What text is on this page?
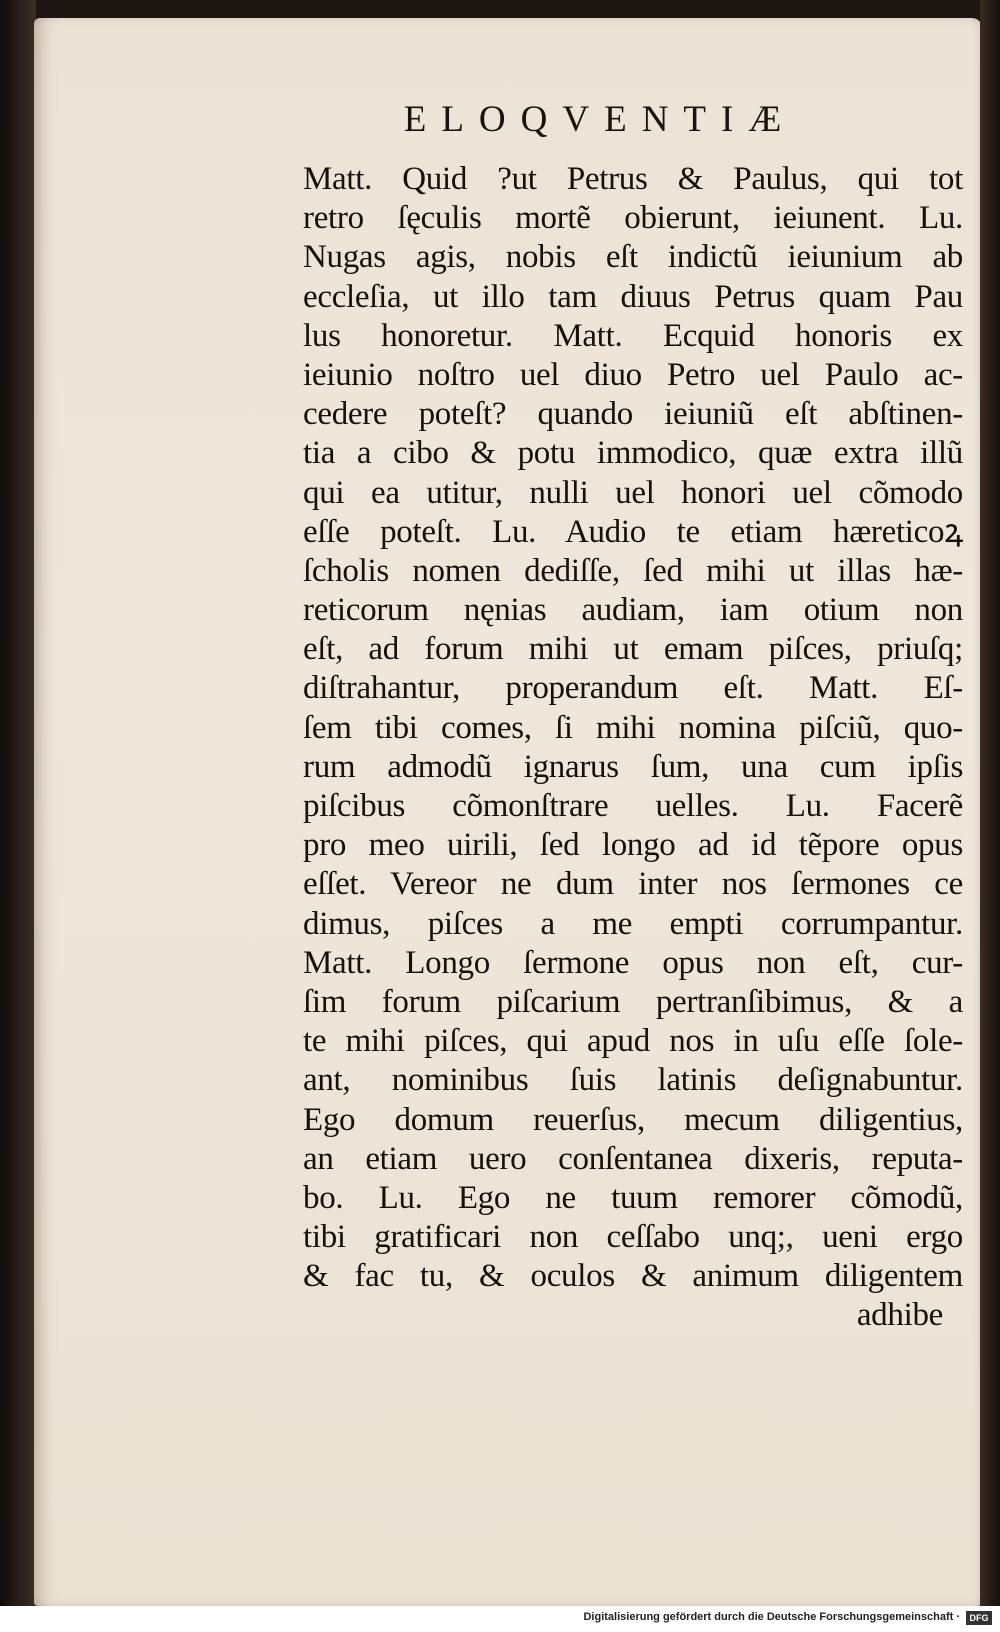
ELOQVENTIÆ
Matt. Quid ?ut Petrus & Paulus, qui tot
retro ſęculis mortẽ obierunt, ieiunent. Lu.
Nugas agis, nobis eſt indictũ ieiunium ab
eccleſia, ut illo tam diuus Petrus quam Pau
lus honoretur. Matt. Ecquid honoris ex
ieiunio noſtro uel diuo Petro uel Paulo ac-
cedere poteſt? quando ieiuniũ eſt abſtinen-
tia a cibo & potu immodico, quæ extra illũ
qui ea utitur, nulli uel honori uel cõmodo
eſſe poteſt. Lu. Audio te etiam hæreticoꝝ
ſcholis nomen dediſſe, ſed mihi ut illas hæ-
reticorum nęnias audiam, iam otium non
eſt, ad forum mihi ut emam piſces, priuſq;
diſtrahantur, properandum eſt. Matt. Eſ-
ſem tibi comes, ſi mihi nomina piſciũ, quo-
rum admodũ ignarus ſum, una cum ipſis
piſcibus cõmonſtrare uelles. Lu. Facerẽ
pro meo uirili, ſed longo ad id tẽpore opus
eſſet. Vereor ne dum inter nos ſermones ce
dimus, piſces a me empti corrumpantur.
Matt. Longo ſermone opus non eſt, cur-
ſim forum piſcarium pertranſibimus, & a
te mihi piſces, qui apud nos in uſu eſſe ſole-
ant, nominibus ſuis latinis deſignabuntur.
Ego domum reuerſus, mecum diligentius,
an etiam uero conſentanea dixeris, reputa-
bo. Lu. Ego ne tuum remorer cõmodũ,
tibi gratificari non ceſſabo unq;, ueni ergo
& fac tu, & oculos & animum diligentem
adhibe
Digitalisierung gefördert durch die Deutsche Forschungsgemeinschaft ·	DFG
